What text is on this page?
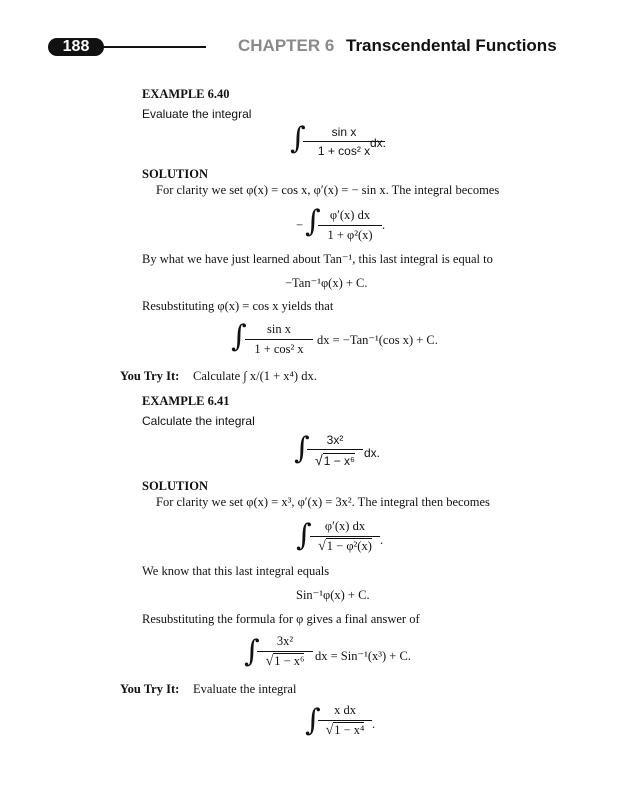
188	CHAPTER 6 Transcendental Functions
EXAMPLE 6.40
Evaluate the integral
∫
$\frac{\text{sin x}}{\text{1 + cos² x}}$
dx.
SOLUTION
For clarity we set φ(x) = cos x, φ′(x) = − sin x. The integral becomes
− ∫
$\frac{\varphi'(x) dx}{\text{1 + φ²(x)}}$ .
By what we have just learned about Tan⁻¹, this last integral is equal to
−Tan⁻¹φ(x) + C.
Resubstituting φ(x) = cos x yields that
∫
$\frac{\text{sin x}}{\text{1 + cos² x}}$ dx = −Tan⁻¹(cos x) + C.
You Try It: Calculate ∫ x/(1 + x⁴) dx.
EXAMPLE 6.41
Calculate the integral
∫
$\frac{\text{3x²}}{\text{√1 − x⁶}}$ dx.
SOLUTION
For clarity we set φ(x) = x³, φ′(x) = 3x². The integral then becomes
∫
$\frac{\varphi'(x) dx}{\text{√1 − φ²(x)}}$ .
We know that this last integral equals
Sin⁻¹φ(x) + C.
Resubstituting the formula for φ gives a final answer of
∫
$\frac{\text{3x²}}{\text{√1 − x⁶}}$ dx = Sin⁻¹(x³) + C.
You Try It: Evaluate the integral
∫
$\frac{\text{x dx}}{\text{√1 − x⁴}}$ .
